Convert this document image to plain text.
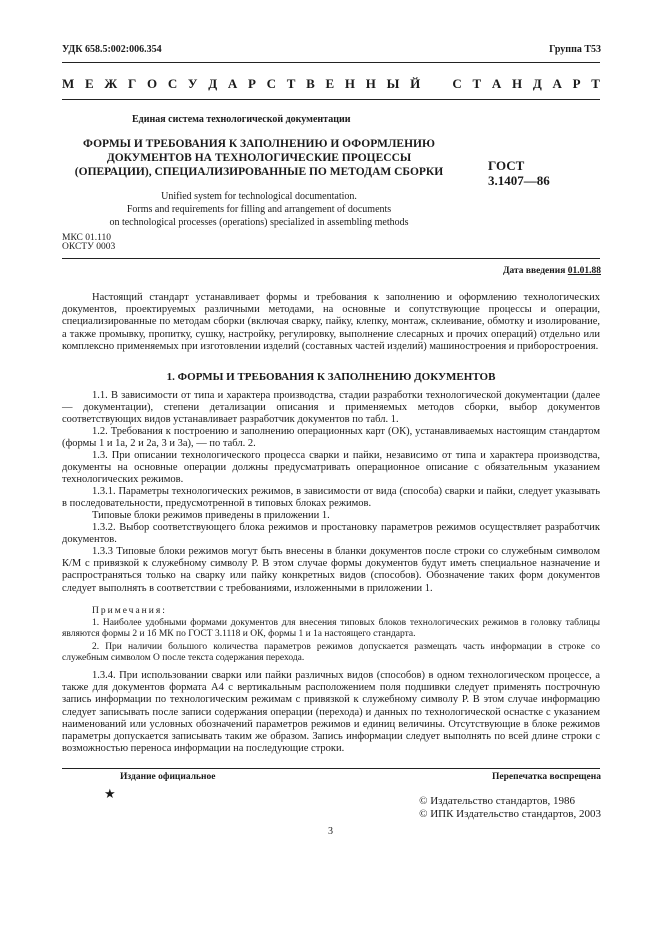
УДК 658.5:002:006.354	Группа Т53
М Е Ж Г О С У Д А Р С Т В Е Н Н Ы Й С Т А Н Д А Р Т
Единая система технологической документации
ФОРМЫ И ТРЕБОВАНИЯ К ЗАПОЛНЕНИЮ И ОФОРМЛЕНИЮ
ДОКУМЕНТОВ НА ТЕХНОЛОГИЧЕСКИЕ ПРОЦЕССЫ
(ОПЕРАЦИИ), СПЕЦИАЛИЗИРОВАННЫЕ ПО МЕТОДАМ СБОРКИ	ГОСТ
3.1407—86
Unified system for technological documentation.
Forms and requirements for filling and arrangement of documents
on technological processes (operations) specialized in assembling methods
МКС 01.110
ОКСТУ 0003
Дата введения 01.01.88
Настоящий стандарт устанавливает формы и требования к заполнению и оформлению технологических документов, проектируемых различными методами, на основные и сопутствующие процессы и операции, специализированные по методам сборки (включая сварку, пайку, клепку, монтаж, склеивание, обмотку и изолирование, а также промывку, пропитку, сушку, настройку, регулировку, выполнение слесарных и прочих операций) отдельно или комплексно применяемых при изготовлении изделий (составных частей изделий) машиностроения и приборостроения.
1. ФОРМЫ И ТРЕБОВАНИЯ К ЗАПОЛНЕНИЮ ДОКУМЕНТОВ
1.1. В зависимости от типа и характера производства, стадии разработки технологической документации (далее — документации), степени детализации описания и применяемых методов сборки, выбор документов соответствующих видов устанавливает разработчик документов по табл. 1.
1.2. Требования к построению и заполнению операционных карт (ОК), устанавливаемых настоящим стандартом (формы 1 и 1а, 2 и 2а, 3 и 3а), — по табл. 2.
1.3. При описании технологического процесса сварки и пайки, независимо от типа и характера производства, документы на основные операции должны предусматривать операционное описание с обязательным указанием технологических режимов.
1.3.1. Параметры технологических режимов, в зависимости от вида (способа) сварки и пайки, следует указывать в последовательности, предусмотренной в типовых блоках режимов.
Типовые блоки режимов приведены в приложении 1.
1.3.2. Выбор соответствующего блока режимов и простановку параметров режимов осуществляет разработчик документов.
1.3.3 Типовые блоки режимов могут быть внесены в бланки документов после строки со служебным символом К/М с привязкой к служебному символу Р. В этом случае формы документов будут иметь специальное назначение и распространяться только на сварку или пайку конкретных видов (способов). Обозначение таких форм документов следует выполнять в соответствии с требованиями, изложенными в приложении 1.
Примечания:
1. Наиболее удобными формами документов для внесения типовых блоков технологических режимов в головку таблицы являются формы 2 и 1б МК по ГОСТ 3.1118 и ОК, формы 1 и 1а настоящего стандарта.
2. При наличии большого количества параметров режимов допускается размещать часть информации в строке со служебным символом О после текста содержания перехода.
1.3.4. При использовании сварки или пайки различных видов (способов) в одном технологическом процессе, а также для документов формата А4 с вертикальным расположением поля подшивки следует применять построчную запись информации по технологическим режимам с привязкой к служебному символу Р. В этом случае информацию следует записывать после записи содержания операции (перехода) и данных по технологической оснастке с указанием наименований или условных обозначений параметров режимов и единиц величины. Отсутствующие в блоке режимов параметры допускается записывать таким же образом. Запись информации следует выполнять по всей длине строки с возможностью переноса информации на последующие строки.
Издание официальное	Перепечатка воспрещена
★	© Издательство стандартов, 1986
© ИПК Издательство стандартов, 2003
3
